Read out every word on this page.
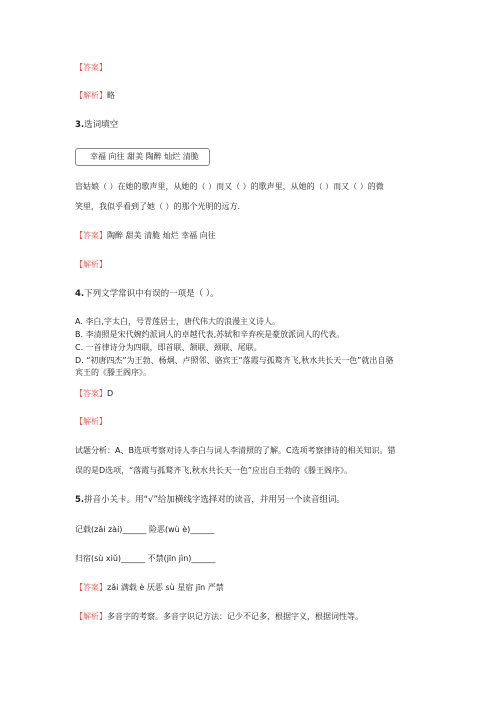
【答案】
【解析】略
3.选词填空
幸福 向往 甜美 陶醉 灿烂 清脆
盲姑娘（ ）在她的歌声里，从她的（ ）而又（ ）的歌声里，从她的（ ）而又（ ）的微
笑里，我似乎看到了她（ ）的那个光明的远方.
【答案】陶醉 甜美 清脆 灿烂 幸福 向往
【解析】
4.下列文学常识中有误的一项是（ ）。
A. 李白,字太白，号青莲居士，唐代伟大的浪漫主义诗人。
B. 李清照是宋代婉约派词人的卓越代表,苏轼和辛弃疾是豪放派词人的代表。
C. 一首律诗分为四联，即首联、颔联、颈联、尾联。
D. “初唐四杰”为王勃、杨炯、卢照邻、骆宾王“落霞与孤鹜齐飞,秋水共长天一色”就出自骆
宾王的《滕王阁序》。
【答案】D
【解析】
试题分析：A、B选项考察对诗人李白与词人李清照的了解。C选项考察律诗的相关知识。错
误的是D选项，“落霞与孤鹜齐飞,秋水共长天一色”应出自王勃的《滕王阁序》。
5.拼音小关卡。用“√”给加横线字选择对的读音，并用另一个读音组词。
记载(zǎi zài)______ 险恶(wù è)______
归宿(sù xiǔ)______ 不禁(jīn jìn)______
【答案】zǎi 满载 è 厌恶 sù 星宿 jīn 严禁
【解析】多音字的考察。多音字识记方法：记少不记多，根据字义，根据词性等。
